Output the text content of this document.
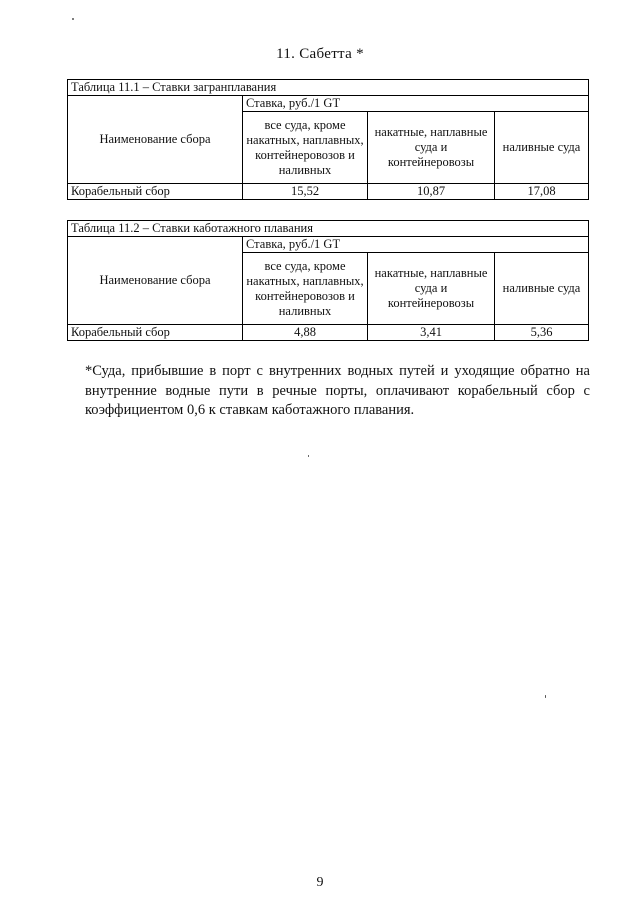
11. Сабетта *
Таблица 11.1 – Ставки загранплавания			
Наименование сбора	Ставка, руб./1 GT		
	все суда, кроме накатных, наплавных, контейнеровозов и наливных	накатные, наплавные суда и контейнеровозы	наливные суда
Корабельный сбор	15,52	10,87	17,08
Таблица 11.2 – Ставки каботажного плавания			
Наименование сбора	Ставка, руб./1 GT		
	все суда, кроме накатных, наплавных, контейнеровозов и наливных	накатные, наплавные суда и контейнеровозы	наливные суда
Корабельный сбор	4,88	3,41	5,36
*Суда, прибывшие в порт с внутренних водных путей и уходящие обратно на внутренние водные пути в речные порты, оплачивают корабельный сбор с коэффициентом 0,6 к ставкам каботажного плавания.
9
